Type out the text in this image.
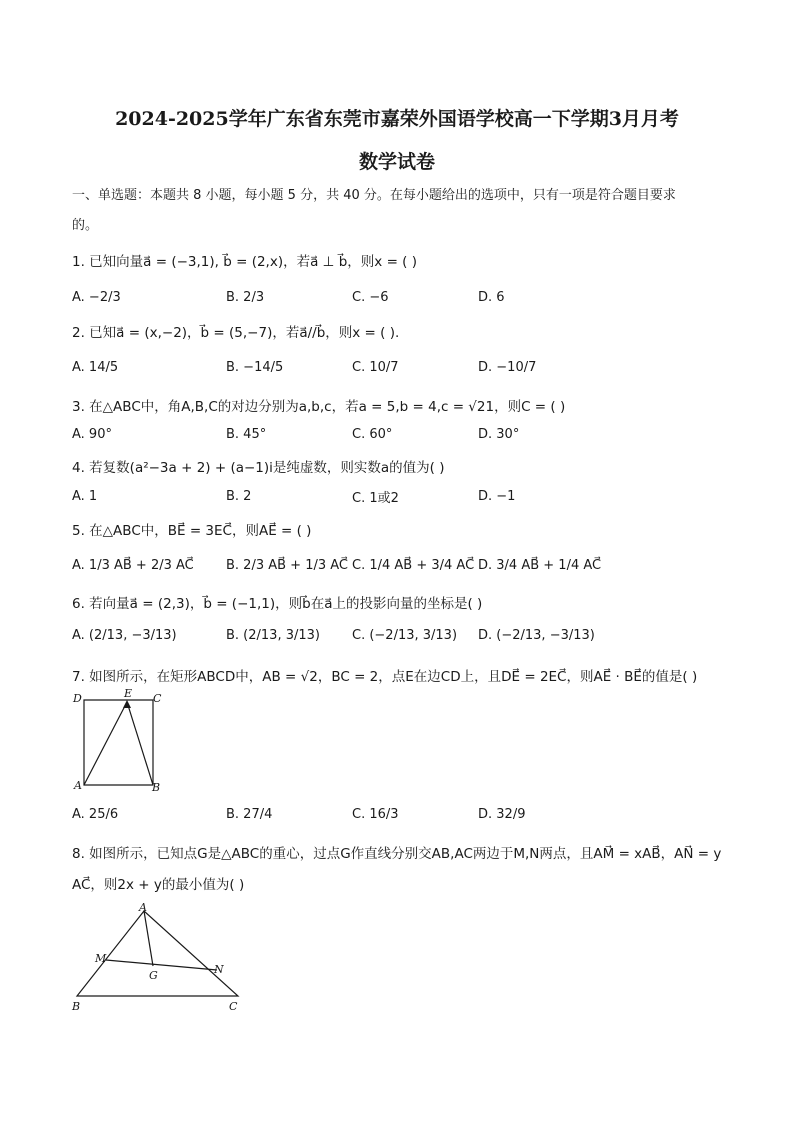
2024-2025学年广东省东莞市嘉荣外国语学校高一下学期3月月考
数学试卷
一、单选题：本题共 8 小题，每小题 5 分，共 40 分。在每小题给出的选项中，只有一项是符合题目要求
的。
1. 已知向量a⃗ = (−3,1), b⃗ = (2,x)，若a⃗ ⊥ b⃗，则x = ( )
A. −2/3	B. 2/3	C. −6	D. 6
2. 已知a⃗ = (x,−2)，b⃗ = (5,−7)，若a⃗//b⃗，则x = ( ).
A. 14/5	B. −14/5	C. 10/7	D. −10/7
3. 在△ABC中，角A,B,C的对边分别为a,b,c，若a = 5,b = 4,c = √21，则C = ( )
A. 90°	B. 45°	C. 60°	D. 30°
4. 若复数(a²−3a + 2) + (a−1)i是纯虚数，则实数a的值为( )
A. 1	B. 2	C. 1或2	D. −1
5. 在△ABC中，BE⃗ = 3EC⃗，则AE⃗ = ( )
A. 1/3 AB⃗ + 2/3 AC⃗ B. 2/3 AB⃗ + 1/3 AC⃗ C. 1/4 AB⃗ + 3/4 AC⃗ D. 3/4 AB⃗ + 1/4 AC⃗
6. 若向量a⃗ = (2,3)，b⃗ = (−1,1)，则b⃗在a⃗上的投影向量的坐标是( )
A. (2/13, −3/13)	B. (2/13, 3/13) C. (−2/13, 3/13) D. (−2/13, −3/13)
7. 如图所示，在矩形ABCD中，AB = √2，BC = 2，点E在边CD上，且DE⃗ = 2EC⃗，则AE⃗ · BE⃗的值是( )
D	E C
A	B
A. 25/6	B. 27/4	C. 16/3	D. 32/9
8. 如图所示，已知点G是△ABC的重心，过点G作直线分别交AB,AC两边于M,N两点，且AM⃗ = xAB⃗，AN⃗ = y
AC⃗，则2x + y的最小值为( )
A
M
G	N
B	C
